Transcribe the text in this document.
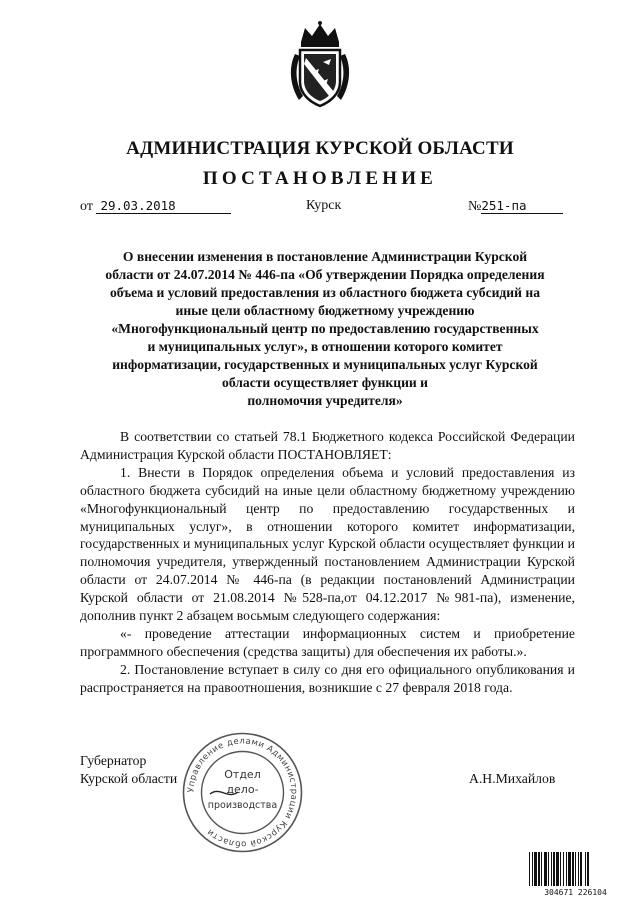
АДМИНИСТРАЦИЯ КУРСКОЙ ОБЛАСТИ
ПОСТАНОВЛЕНИЕ
от 29.03.2018	Курск	№251-па
О внесении изменения в постановление Администрации Курской
области от 24.07.2014 № 446-па «Об утверждении Порядка определения
объема и условий предоставления из областного бюджета субсидий на
иные цели областному бюджетному учреждению
«Многофункциональный центр по предоставлению государственных
и муниципальных услуг», в отношении которого комитет
информатизации, государственных и муниципальных услуг Курской
области осуществляет функции и
полномочия учредителя»

В соответствии со статьей 78.1 Бюджетного кодекса Российской Федерации Администрация Курской области ПОСТАНОВЛЯЕТ:

1. Внести в Порядок определения объема и условий предоставления из областного бюджета субсидий на иные цели областному бюджетному учреждению «Многофункциональный центр по предоставлению государственных и муниципальных услуг», в отношении которого комитет информатизации, государственных и муниципальных услуг Курской области осуществляет функции и полномочия учредителя, утвержденный постановлением Администрации Курской области от 24.07.2014 № 446-па (в редакции постановлений Администрации Курской области от 21.08.2014 №528-па,от 04.12.2017 №981-па), изменение, дополнив пункт 2 абзацем восьмым следующего содержания:

«- проведение аттестации информационных систем и приобретение программного обеспечения (средства защиты) для обеспечения их работы.».

2. Постановление вступает в силу со дня его официального опубликования и распространяется на правоотношения, возникшие с 27 февраля 2018 года.

Губернатор
Курской области	А.Н.Михайлов
Управление делами Администрации Курской области
Отдел
дело-
производства
304671 226104
